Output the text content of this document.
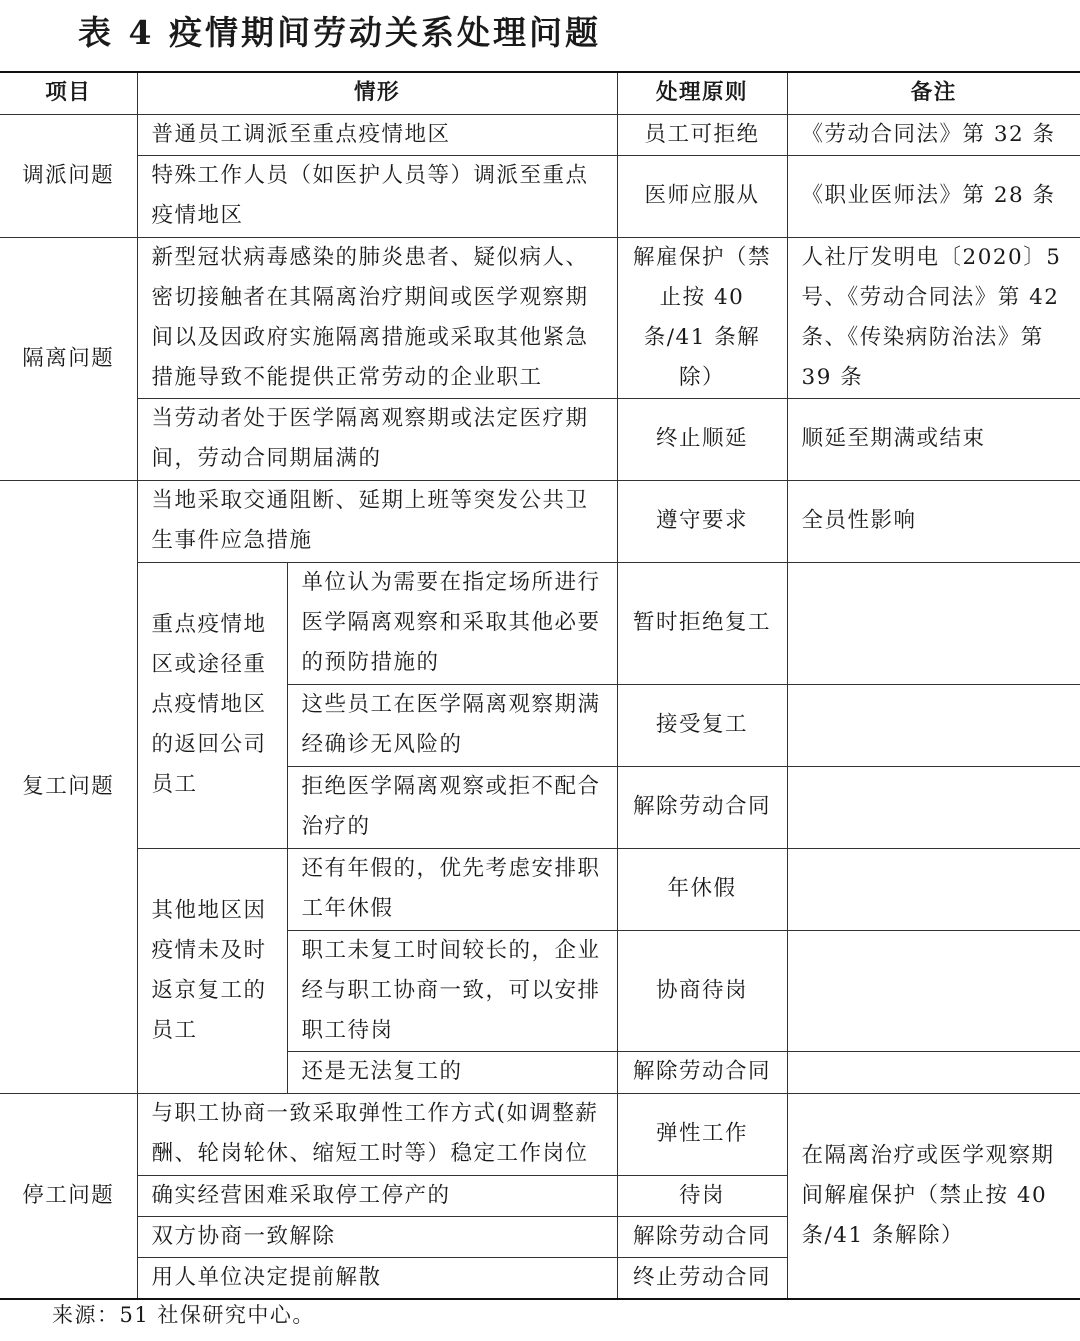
表 4 疫情期间劳动关系处理问题
项目	情形		处理原则	备注
调派问题	普通员工调派至重点疫情地区		员工可拒绝	《劳动合同法》第 32 条
	特殊工作人员（如医护人员等）调派至重点疫情地区		医师应服从	《职业医师法》第 28 条
隔离问题	新型冠状病毒感染的肺炎患者、疑似病人、密切接触者在其隔离治疗期间或医学观察期间以及因政府实施隔离措施或采取其他紧急措施导致不能提供正常劳动的企业职工		解雇保护（禁止按 40 条/41 条解除）	人社厅发明电〔2020〕5 号、《劳动合同法》第 42 条、《传染病防治法》第 39 条
	当劳动者处于医学隔离观察期或法定医疗期间，劳动合同期届满的		终止顺延	顺延至期满或结束
复工问题	当地采取交通阻断、延期上班等突发公共卫生事件应急措施		遵守要求	全员性影响
	重点疫情地区或途径重点疫情地区的返回公司员工	单位认为需要在指定场所进行医学隔离观察和采取其他必要的预防措施的	暂时拒绝复工	
		这些员工在医学隔离观察期满经确诊无风险的	接受复工	
		拒绝医学隔离观察或拒不配合治疗的	解除劳动合同	
	其他地区因疫情未及时返京复工的员工	还有年假的，优先考虑安排职工年休假	年休假	
		职工未复工时间较长的，企业经与职工协商一致，可以安排职工待岗	协商待岗	
		还是无法复工的	解除劳动合同	
停工问题	与职工协商一致采取弹性工作方式(如调整薪酬、轮岗轮休、缩短工时等）稳定工作岗位		弹性工作	在隔离治疗或医学观察期间解雇保护（禁止按 40 条/41 条解除）
	确实经营困难采取停工停产的		待岗	
	双方协商一致解除		解除劳动合同	
	用人单位决定提前解散		终止劳动合同	
来源：51 社保研究中心。
